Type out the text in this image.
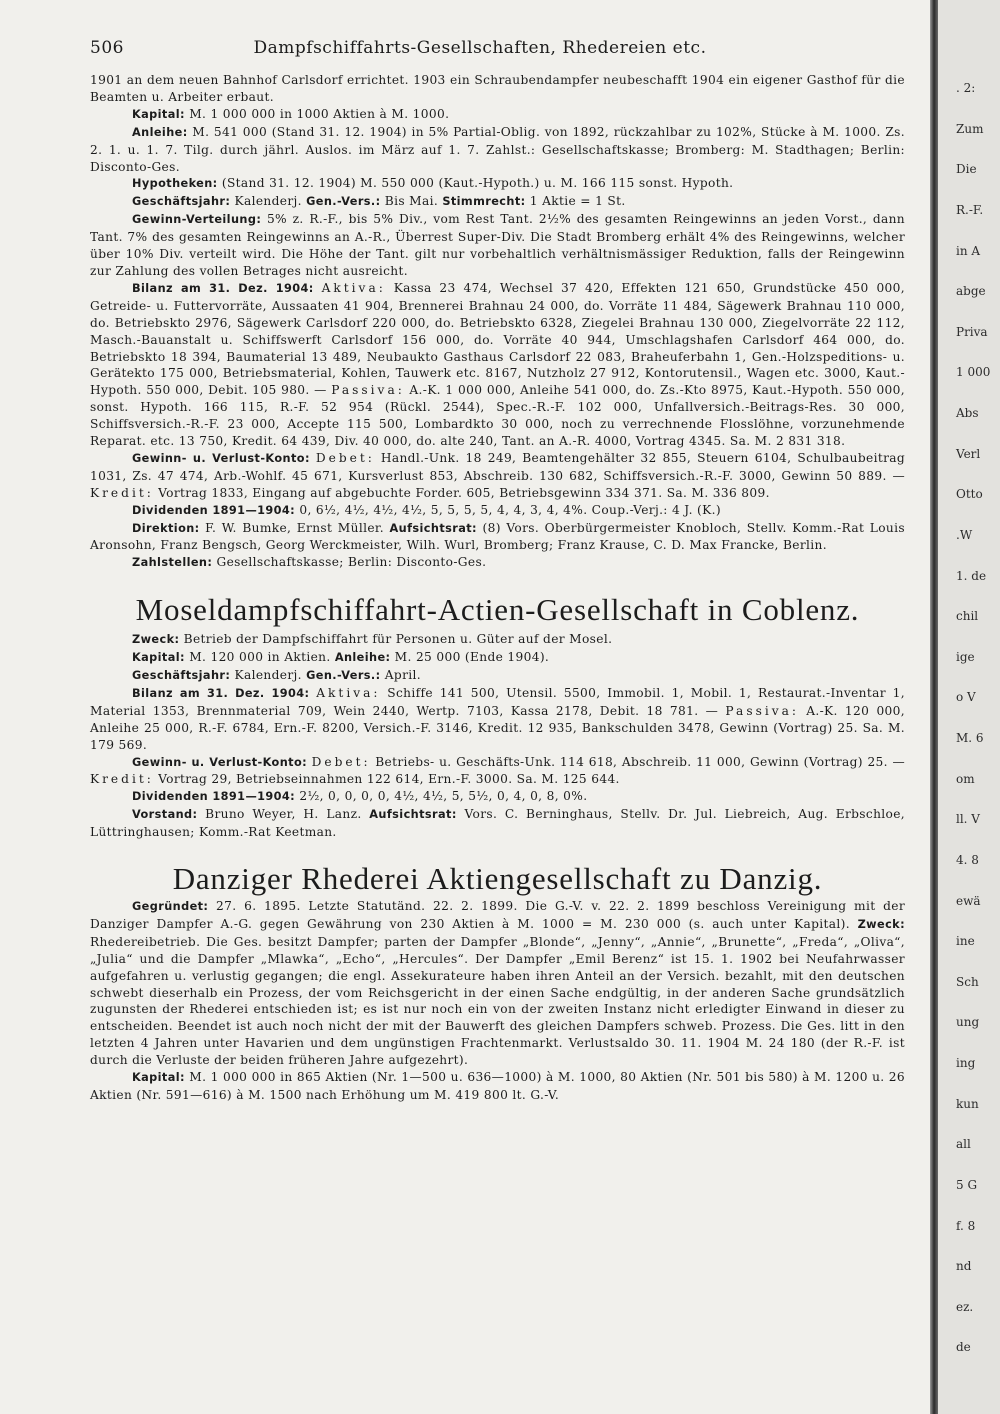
506	Dampfschiffahrts-Gesellschaften, Rhedereien etc.

1901 an dem neuen Bahnhof Carlsdorf errichtet. 1903 ein Schraubendampfer neubeschafft 1904 ein eigener Gasthof für die Beamten u. Arbeiter erbaut.

Kapital: M. 1 000 000 in 1000 Aktien à M. 1000.

Anleihe: M. 541 000 (Stand 31. 12. 1904) in 5% Partial-Oblig. von 1892, rückzahlbar zu 102%, Stücke à M. 1000. Zs. 2. 1. u. 1. 7. Tilg. durch jährl. Auslos. im März auf 1. 7. Zahlst.: Gesellschaftskasse; Bromberg: M. Stadthagen; Berlin: Disconto-Ges.

Hypotheken: (Stand 31. 12. 1904) M. 550 000 (Kaut.-Hypoth.) u. M. 166 115 sonst. Hypoth.

Geschäftsjahr: Kalenderj. Gen.-Vers.: Bis Mai. Stimmrecht: 1 Aktie = 1 St.

Gewinn-Verteilung: 5% z. R.-F., bis 5% Div., vom Rest Tant. 2½% des gesamten Reingewinns an jeden Vorst., dann Tant. 7% des gesamten Reingewinns an A.-R., Überrest Super-Div. Die Stadt Bromberg erhält 4% des Reingewinns, welcher über 10% Div. verteilt wird. Die Höhe der Tant. gilt nur vorbehaltlich verhältnismässiger Reduktion, falls der Reingewinn zur Zahlung des vollen Betrages nicht ausreicht.

Bilanz am 31. Dez. 1904: Aktiva: Kassa 23 474, Wechsel 37 420, Effekten 121 650, Grundstücke 450 000, Getreide- u. Futtervorräte, Aussaaten 41 904, Brennerei Brahnau 24 000, do. Vorräte 11 484, Sägewerk Brahnau 110 000, do. Betriebskto 2976, Sägewerk Carlsdorf 220 000, do. Betriebskto 6328, Ziegelei Brahnau 130 000, Ziegelvorräte 22 112, Masch.-Bauanstalt u. Schiffswerft Carlsdorf 156 000, do. Vorräte 40 944, Umschlagshafen Carlsdorf 464 000, do. Betriebskto 18 394, Baumaterial 13 489, Neubaukto Gasthaus Carlsdorf 22 083, Braheuferbahn 1, Gen.-Holzspeditions- u. Gerätekto 175 000, Betriebsmaterial, Kohlen, Tauwerk etc. 8167, Nutzholz 27 912, Kontorutensil., Wagen etc. 3000, Kaut.-Hypoth. 550 000, Debit. 105 980. — Passiva: A.-K. 1 000 000, Anleihe 541 000, do. Zs.-Kto 8975, Kaut.-Hypoth. 550 000, sonst. Hypoth. 166 115, R.-F. 52 954 (Rückl. 2544), Spec.-R.-F. 102 000, Unfallversich.-Beitrags-Res. 30 000, Schiffsversich.-R.-F. 23 000, Accepte 115 500, Lombardkto 30 000, noch zu verrechnende Flosslöhne, vorzunehmende Reparat. etc. 13 750, Kredit. 64 439, Div. 40 000, do. alte 240, Tant. an A.-R. 4000, Vortrag 4345. Sa. M. 2 831 318.

Gewinn- u. Verlust-Konto: Debet: Handl.-Unk. 18 249, Beamtengehälter 32 855, Steuern 6104, Schulbaubeitrag 1031, Zs. 47 474, Arb.-Wohlf. 45 671, Kursverlust 853, Abschreib. 130 682, Schiffsversich.-R.-F. 3000, Gewinn 50 889. — Kredit: Vortrag 1833, Eingang auf abgebuchte Forder. 605, Betriebsgewinn 334 371. Sa. M. 336 809.

Dividenden 1891—1904: 0, 6½, 4½, 4½, 4½, 5, 5, 5, 5, 4, 4, 3, 4, 4%. Coup.-Verj.: 4 J. (K.)

Direktion: F. W. Bumke, Ernst Müller. Aufsichtsrat: (8) Vors. Oberbürgermeister Knobloch, Stellv. Komm.-Rat Louis Aronsohn, Franz Bengsch, Georg Werckmeister, Wilh. Wurl, Bromberg; Franz Krause, C. D. Max Francke, Berlin.

Zahlstellen: Gesellschaftskasse; Berlin: Disconto-Ges.

Moseldampfschiffahrt-Actien-Gesellschaft in Coblenz.

Zweck: Betrieb der Dampfschiffahrt für Personen u. Güter auf der Mosel.

Kapital: M. 120 000 in Aktien. Anleihe: M. 25 000 (Ende 1904).

Geschäftsjahr: Kalenderj. Gen.-Vers.: April.

Bilanz am 31. Dez. 1904: Aktiva: Schiffe 141 500, Utensil. 5500, Immobil. 1, Mobil. 1, Restaurat.-Inventar 1, Material 1353, Brennmaterial 709, Wein 2440, Wertp. 7103, Kassa 2178, Debit. 18 781. — Passiva: A.-K. 120 000, Anleihe 25 000, R.-F. 6784, Ern.-F. 8200, Versich.-F. 3146, Kredit. 12 935, Bankschulden 3478, Gewinn (Vortrag) 25. Sa. M. 179 569.

Gewinn- u. Verlust-Konto: Debet: Betriebs- u. Geschäfts-Unk. 114 618, Abschreib. 11 000, Gewinn (Vortrag) 25. — Kredit: Vortrag 29, Betriebseinnahmen 122 614, Ern.-F. 3000. Sa. M. 125 644.

Dividenden 1891—1904: 2½, 0, 0, 0, 0, 4½, 4½, 5, 5½, 0, 4, 0, 8, 0%.

Vorstand: Bruno Weyer, H. Lanz. Aufsichtsrat: Vors. C. Berninghaus, Stellv. Dr. Jul. Liebreich, Aug. Erbschloe, Lüttringhausen; Komm.-Rat Keetman.

Danziger Rhederei Aktiengesellschaft zu Danzig.

Gegründet: 27. 6. 1895. Letzte Statutänd. 22. 2. 1899. Die G.-V. v. 22. 2. 1899 beschloss Vereinigung mit der Danziger Dampfer A.-G. gegen Gewährung von 230 Aktien à M. 1000 = M. 230 000 (s. auch unter Kapital). Zweck: Rhedereibetrieb. Die Ges. besitzt Dampfer; parten der Dampfer „Blonde“, „Jenny“, „Annie“, „Brunette“, „Freda“, „Oliva“, „Julia“ und die Dampfer „Mlawka“, „Echo“, „Hercules“. Der Dampfer „Emil Berenz“ ist 15. 1. 1902 bei Neufahrwasser aufgefahren u. verlustig gegangen; die engl. Assekurateure haben ihren Anteil an der Versich. bezahlt, mit den deutschen schwebt dieserhalb ein Prozess, der vom Reichsgericht in der einen Sache endgültig, in der anderen Sache grundsätzlich zugunsten der Rhederei entschieden ist; es ist nur noch ein von der zweiten Instanz nicht erledigter Einwand in dieser zu entscheiden. Beendet ist auch noch nicht der mit der Bauwerft des gleichen Dampfers schweb. Prozess. Die Ges. litt in den letzten 4 Jahren unter Havarien und dem ungünstigen Frachtenmarkt. Verlustsaldo 30. 11. 1904 M. 24 180 (der R.-F. ist durch die Verluste der beiden früheren Jahre aufgezehrt).

Kapital: M. 1 000 000 in 865 Aktien (Nr. 1—500 u. 636—1000) à M. 1000, 80 Aktien (Nr. 501 bis 580) à M. 1200 u. 26 Aktien (Nr. 591—616) à M. 1500 nach Erhöhung um M. 419 800 lt. G.-V.

. 2:
Zum
Die
R.-F.
in A
abge
Priva
1 000
Abs
Verl
Otto
.W
1. de
chil
ige
o V
M. 6
om
ll. V
4. 8
ewä
ine
Sch
ung
ing
kun
all
5 G
f. 8
nd
ez.
de
